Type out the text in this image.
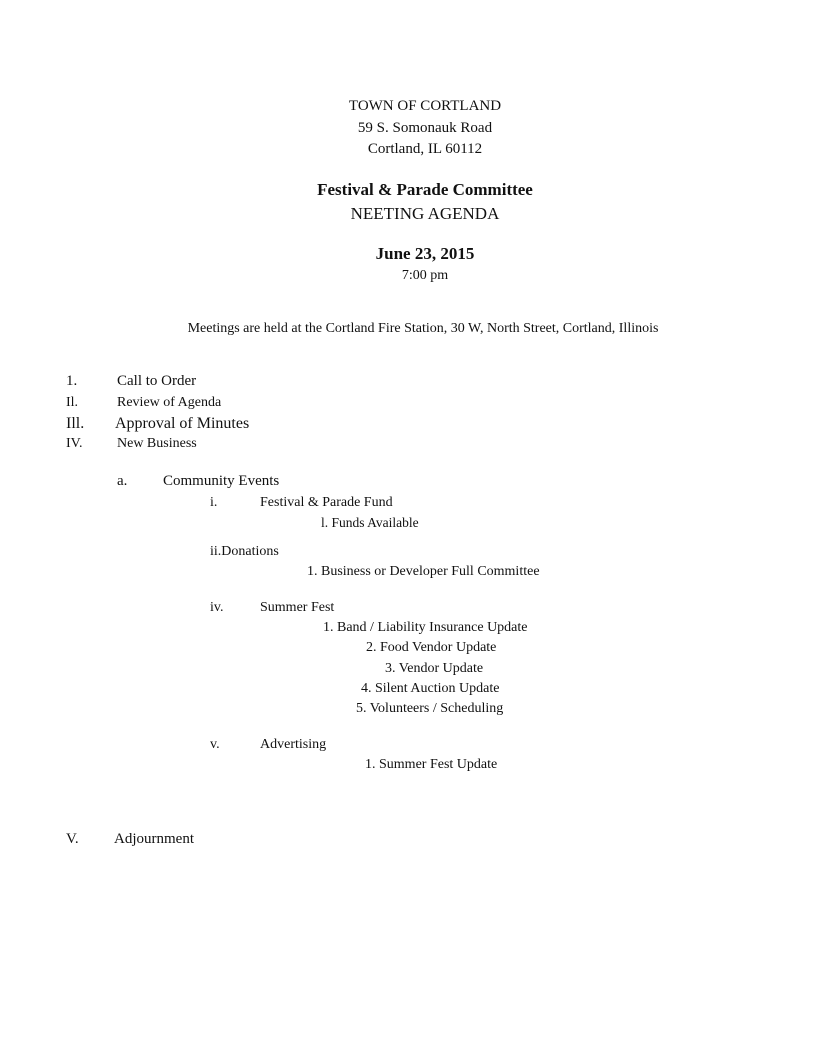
TOWN OF CORTLAND
59 S. Somonauk Road
Cortland, IL 60112
Festival & Parade Committee
NEETING AGENDA
June 23, 2015
7:00 pm
Meetings are held at the Cortland Fire Station, 30 W, North Street, Cortland, Illinois
1.	Call to Order
Il.	Review of Agenda
Ill. Approval of Minutes
IV. New Business
a. Community Events
i.	Festival & Parade Fund
l. Funds Available
ii.Donations
1. Business or Developer Full Committee
iv.	Summer Fest
1. Band / Liability Insurance Update
2. Food Vendor Update
3. Vendor Update
4. Silent Auction Update
5. Volunteers / Scheduling
v.	Advertising
1. Summer Fest Update
V. Adjournment
